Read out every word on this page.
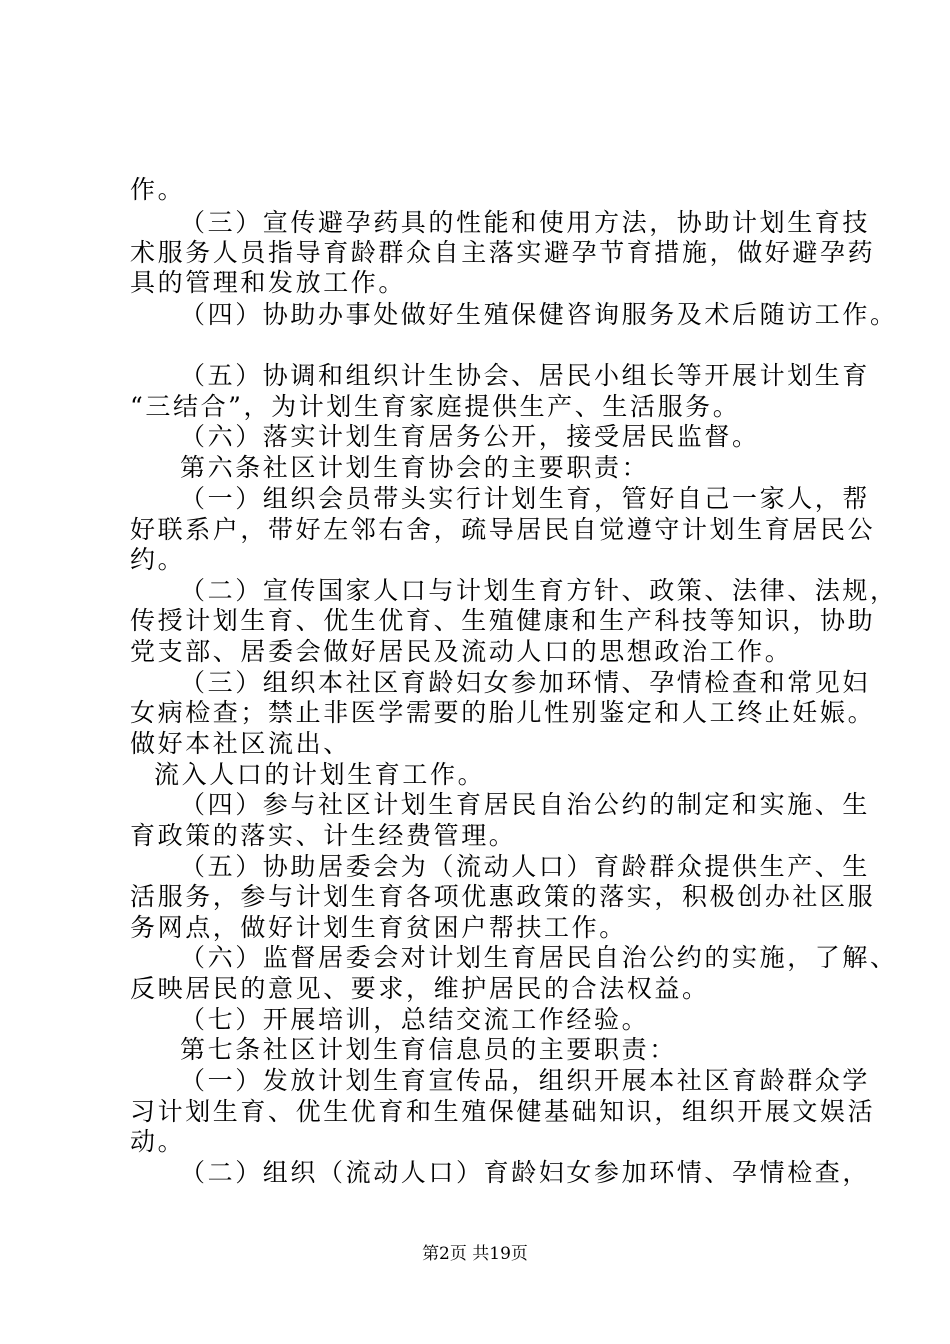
作。
（三）宣传避孕药具的性能和使用方法，协助计划生育技
术服务人员指导育龄群众自主落实避孕节育措施，做好避孕药
具的管理和发放工作。
（四）协助办事处做好生殖保健咨询服务及术后随访工作。
（五）协调和组织计生协会、居民小组长等开展计划生育
“三结合”，为计划生育家庭提供生产、生活服务。
（六）落实计划生育居务公开，接受居民监督。
第六条社区计划生育协会的主要职责：
（一）组织会员带头实行计划生育，管好自己一家人，帮
好联系户，带好左邻右舍，疏导居民自觉遵守计划生育居民公
约。
（二）宣传国家人口与计划生育方针、政策、法律、法规，
传授计划生育、优生优育、生殖健康和生产科技等知识，协助
党支部、居委会做好居民及流动人口的思想政治工作。
（三）组织本社区育龄妇女参加环情、孕情检查和常见妇
女病检查；禁止非医学需要的胎儿性别鉴定和人工终止妊娠。
做好本社区流出、
流入人口的计划生育工作。
（四）参与社区计划生育居民自治公约的制定和实施、生
育政策的落实、计生经费管理。
（五）协助居委会为（流动人口）育龄群众提供生产、生
活服务，参与计划生育各项优惠政策的落实，积极创办社区服
务网点，做好计划生育贫困户帮扶工作。
（六）监督居委会对计划生育居民自治公约的实施，了解、
反映居民的意见、要求，维护居民的合法权益。
（七）开展培训，总结交流工作经验。
第七条社区计划生育信息员的主要职责：
（一）发放计划生育宣传品，组织开展本社区育龄群众学
习计划生育、优生优育和生殖保健基础知识，组织开展文娱活
动。
（二）组织（流动人口）育龄妇女参加环情、孕情检查，
第2页 共19页
